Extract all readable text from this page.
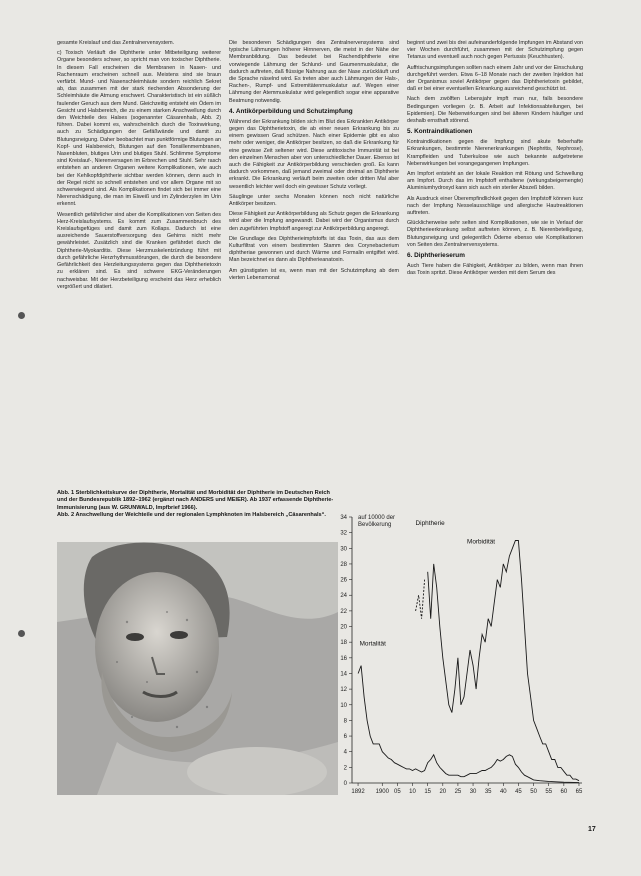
gesamte Kreislauf und das Zentralnervensystem.

c) Toxisch Verläuft die Diphtherie unter Mitbeteiligung weiterer Organe besonders schwer, so spricht man von toxischer Diphtherie. In diesem Fall erscheinen die Membranen in Nasen- und Rachenraum erscheinen schnell aus. Meistens sind sie braun verfärbt. Mund- und Nasenschleimhäute sondern reichlich Sekret ab, das zusammen mit der stark riechenden Absonderung der Schleimhäute die Atmung erschwert. Charakteristisch ist ein süßlich faulender Geruch aus dem Mund. Gleichzeitig entsteht ein Ödem im Gesicht und Halsbereich, die zu einem starken Anschwellung durch den Weichteile des Halses (sogenannter Cäsarenhals, Abb. 2) führen. Dabei kommt es, wahrscheinlich durch die Toxinwirkung, auch zu Schädigungen der Gefäßwände und damit zu Blutungsneigung. Daher beobachtet man punktförmige Blutungen an Kopf- und Halsbereich, Blutungen auf den Tonsillenmembranen, Nasenbluten, blutiges Urin und blutiges Stuhl. Schlimme Symptome sind Kreislauf-, Nierenversagen im Erbrechen und Stuhl. Sehr rasch entstehen an anderen Organen weitere Komplikationen, wie auch bei der Kehlkopfdiphtherie sichtbar werden können, denn auch in der Regel nicht so schnell entstehen und vor allem Organe mit so schwerwiegend sind. Als Komplikationen findet sich bei immer eine Nierenschädigung, die man im Eiweiß und im Zylinderzylen im Urin erkennt.

Wesentlich gefährlicher sind aber die Komplikationen von Seiten des Herz-Kreislaufsystems. Es kommt zum Zusammenbruch des Kreislaufsgefüges und damit zum Kollaps. Dadurch ist eine ausreichende Sauerstoffversorgung des Gehirns nicht mehr gewährleistet. Zusätzlich sind die Kranken gefährdet durch die Diphtherie-Myokarditis. Diese Herzmuskelentzündung führt mit durch gefährliche Herzrhythmusstörungen, die durch die besondere Gefährlichkeit des Herzleitungssystems gegen das Diphtherietoxin zu erklären sind. Es sind schwere EKG-Veränderungen nachweisbar. Mit der Herzbeteiligung erscheint das Herz erheblich vergrößert und dilatiert.

Die besonderen Schädigungen des Zentralnervensystems sind typische Lähmungen höherer Hirnnerven, die meist in der Nähe der Membranbildung. Das bedeutet bei Rachendiphtherie eine vorwiegende Lähmung der Schlund- und Gaumenmuskulatur, die dadurch auftreten, daß flüssige Nahrung aus der Nase zurückläuft und die Sprache näselnd wird. Es treten aber auch Lähmungen der Hals-, Rachen-, Rumpf- und Extremitätenmuskulatur auf. Wegen einer Lähmung der Atemmuskulatur wird gelegentlich sogar eine apparative Beatmung notwendig.

4. Antikörperbildung und Schutzimpfung

Während der Erkrankung bilden sich im Blut des Erkrankten Antikörper gegen das Diphtherietoxin, die ab einer neuen Erkrankung bis zu einem gewissen Grad schützen. Nach einer Epidemie gibt es also mehr oder weniger, die Antikörper besitzen, so daß die Erkrankung für eine gewisse Zeit seltener wird. Diese antitoxische Immunität ist bei den einzelnen Menschen aber von unterschiedlicher Dauer. Ebenso ist auch die Fähigkeit zur Antikörperbildung verschieden groß. Es kann dadurch vorkommen, daß jemand zweimal oder dreimal an Diphtherie erkrankt. Die Erkrankung verläuft beim zweiten oder dritten Mal aber wesentlich leichter weil doch ein gewisser Schutz vorliegt.

Säuglinge unter sechs Monaten können noch nicht natürliche Antikörper besitzen.

Diese Fähigkeit zur Antikörperbildung als Schutz gegen die Erkrankung wird aber die Impfung angewandt. Dabei wird der Organismus durch den zugeführten Impfstoff angeregt zur Antikörperbildung angeregt.

Die Grundlage des Diphtherieimpfstoffs ist das Toxin, das aus dem Kulturfiltrat von einem bestimmten Stamm des Corynebacterium diphtheriae gewonnen und durch Wärme und Formalin entgiftet wird. Man bezeichnet es dann als Diphtherieanatoxin.

Am günstigsten ist es, wenn man mit der Schutzimpfung ab dem vierten Lebensmonat

beginnt und zwei bis drei aufeinanderfolgende Impfungen im Abstand von vier Wochen durchführt, zusammen mit der Schutzimpfung gegen Tetanus und eventuell auch noch gegen Pertussis (Keuchhusten).

Auffrischungsimpfungen sollten nach einem Jahr und vor der Einschulung durchgeführt werden. Etwa 6–18 Monate nach der zweiten Injektion hat der Organismus soviel Antikörper gegen das Diphtherietoxin gebildet, daß er bei einer eventuellen Erkrankung ausreichend geschützt ist.

Nach dem zwölften Lebensjahr impft man nur, falls besondere Bedingungen vorliegen (z. B. Arbeit auf Infektionsabteilungen, bei Epidemien). Die Nebenwirkungen sind bei älteren Kindern häufiger und deshalb ernsthaft störend.

5. Kontraindikationen

Kontraindikationen gegen die Impfung sind akute fieberhafte Erkrankungen, bestimmte Nierenerkrankungen (Nephritis, Nephrose), Krampfleiden und Tuberkulose wie auch bekannte aufgetretene Nebenwirkungen bei vorangegangenen Impfungen.

Am Impfort entsteht an der lokale Reaktion mit Rötung und Schwellung am Impfort. Durch das im Impfstoff enthaltene (wirkungsbeigemengte) Aluminiumhydroxyd kann sich auch ein steriler Abszeß bilden.

Als Ausdruck einer Überempfindlichkeit gegen den Impfstoff können kurz nach der Impfung Nesselausschläge und allergische Hautreaktionen auftreten.

Glücklicherweise sehr selten sind Komplikationen, wie sie in Verlauf der Diphtherieerkrankung selbst auftreten können, z. B. Nierenbeteiligung, Blutungsneigung und gelegentlich Ödeme ebenso wie Komplikationen von Seiten des Zentralnervensystems.

6. Diphtherieserum

Auch Tiere haben die Fähigkeit, Antikörper zu bilden, wenn man ihnen das Toxin spritzt. Diese Antikörper werden mit dem Serum des

Abb. 1 Sterblichkeitskurve der Diphtherie, Mortalität und Morbidität der Diphtherie im Deutschen Reich und der Bundesrepublik 1892–1962 (ergänzt nach ANDERS und MEIER). Ab 1937 erfassende Diphtherie-Immunisierung (aus W. GRUNWALD, Impfbrief 1966).

Abb. 2 Anschwellung der Weichteile und der regionalen Lymphknoten im Halsbereich „Cäsarenhals“.

0
2
4
6
8
10
12
14
16
18
20
22
24
26
28
30
32
34
1892 1900 05 10 15 20 25 30 35 40 45 50 55 60 65
auf 10000 der
Bevölkerung	Diphtherie
Morbidität
Mortalität
17
